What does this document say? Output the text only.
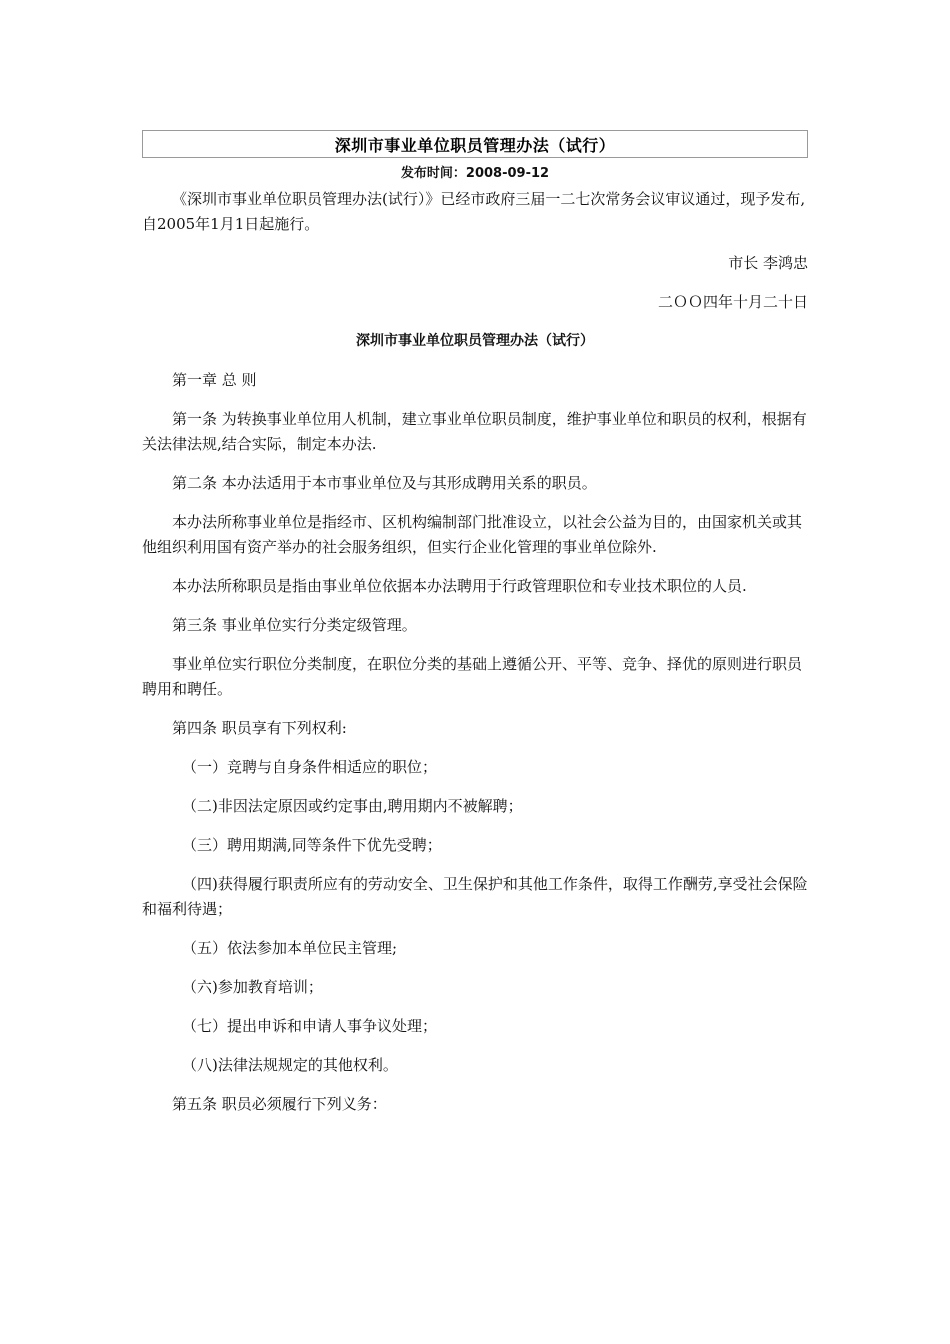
深圳市事业单位职员管理办法（试行）
发布时间：2008-09-12

《深圳市事业单位职员管理办法(试行）》已经市政府三届一二七次常务会议审议通过，现予发布,自2005年1月1日起施行。

市长 李鸿忠

二ＯＯ四年十月二十日

深圳市事业单位职员管理办法（试行）

第一章 总 则

第一条 为转换事业单位用人机制，建立事业单位职员制度，维护事业单位和职员的权利，根据有关法律法规,结合实际，制定本办法.

第二条 本办法适用于本市事业单位及与其形成聘用关系的职员。

本办法所称事业单位是指经市、区机构编制部门批准设立，以社会公益为目的，由国家机关或其他组织利用国有资产举办的社会服务组织，但实行企业化管理的事业单位除外.

本办法所称职员是指由事业单位依据本办法聘用于行政管理职位和专业技术职位的人员.

第三条 事业单位实行分类定级管理。

事业单位实行职位分类制度，在职位分类的基础上遵循公开、平等、竞争、择优的原则进行职员聘用和聘任。

第四条 职员享有下列权利:

（一）竞聘与自身条件相适应的职位；

（二)非因法定原因或约定事由,聘用期内不被解聘；

（三）聘用期满,同等条件下优先受聘；

（四)获得履行职责所应有的劳动安全、卫生保护和其他工作条件，取得工作酬劳,享受社会保险和福利待遇；

（五）依法参加本单位民主管理;

（六)参加教育培训；

（七）提出申诉和申请人事争议处理；

（八)法律法规规定的其他权利。

第五条 职员必须履行下列义务：
